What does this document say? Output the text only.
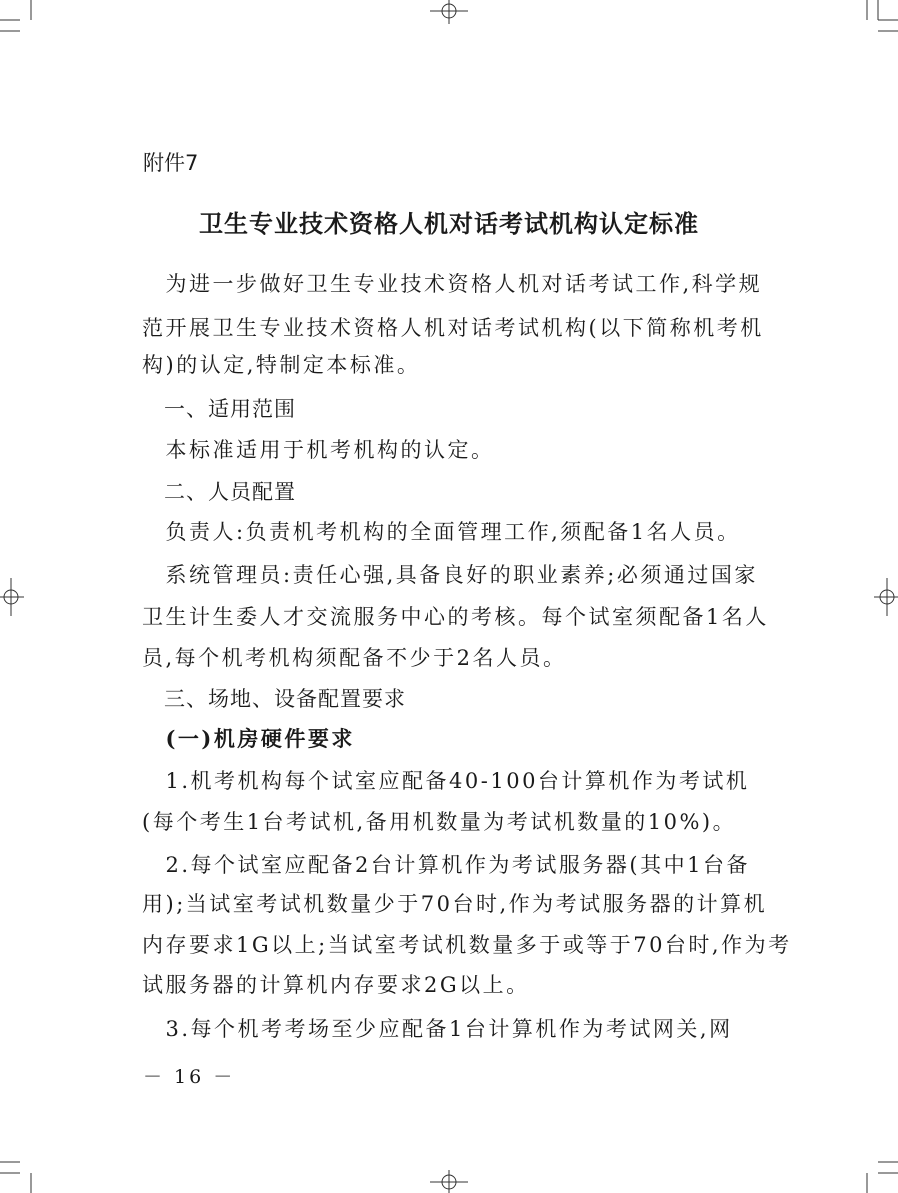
附件7
卫生专业技术资格人机对话考试机构认定标准
　为进一步做好卫生专业技术资格人机对话考试工作,科学规
范开展卫生专业技术资格人机对话考试机构(以下简称机考机
构)的认定,特制定本标准。
　一、适用范围
　本标准适用于机考机构的认定。
　二、人员配置
　负责人:负责机考机构的全面管理工作,须配备1名人员。
　系统管理员:责任心强,具备良好的职业素养;必须通过国家
卫生计生委人才交流服务中心的考核。每个试室须配备1名人
员,每个机考机构须配备不少于2名人员。
　三、场地、设备配置要求
　(一)机房硬件要求
　1.机考机构每个试室应配备40-100台计算机作为考试机
(每个考生1台考试机,备用机数量为考试机数量的10%)。
　2.每个试室应配备2台计算机作为考试服务器(其中1台备
用);当试室考试机数量少于70台时,作为考试服务器的计算机
内存要求1G以上;当试室考试机数量多于或等于70台时,作为考
试服务器的计算机内存要求2G以上。
　3.每个机考考场至少应配备1台计算机作为考试网关,网
－ 16 －
